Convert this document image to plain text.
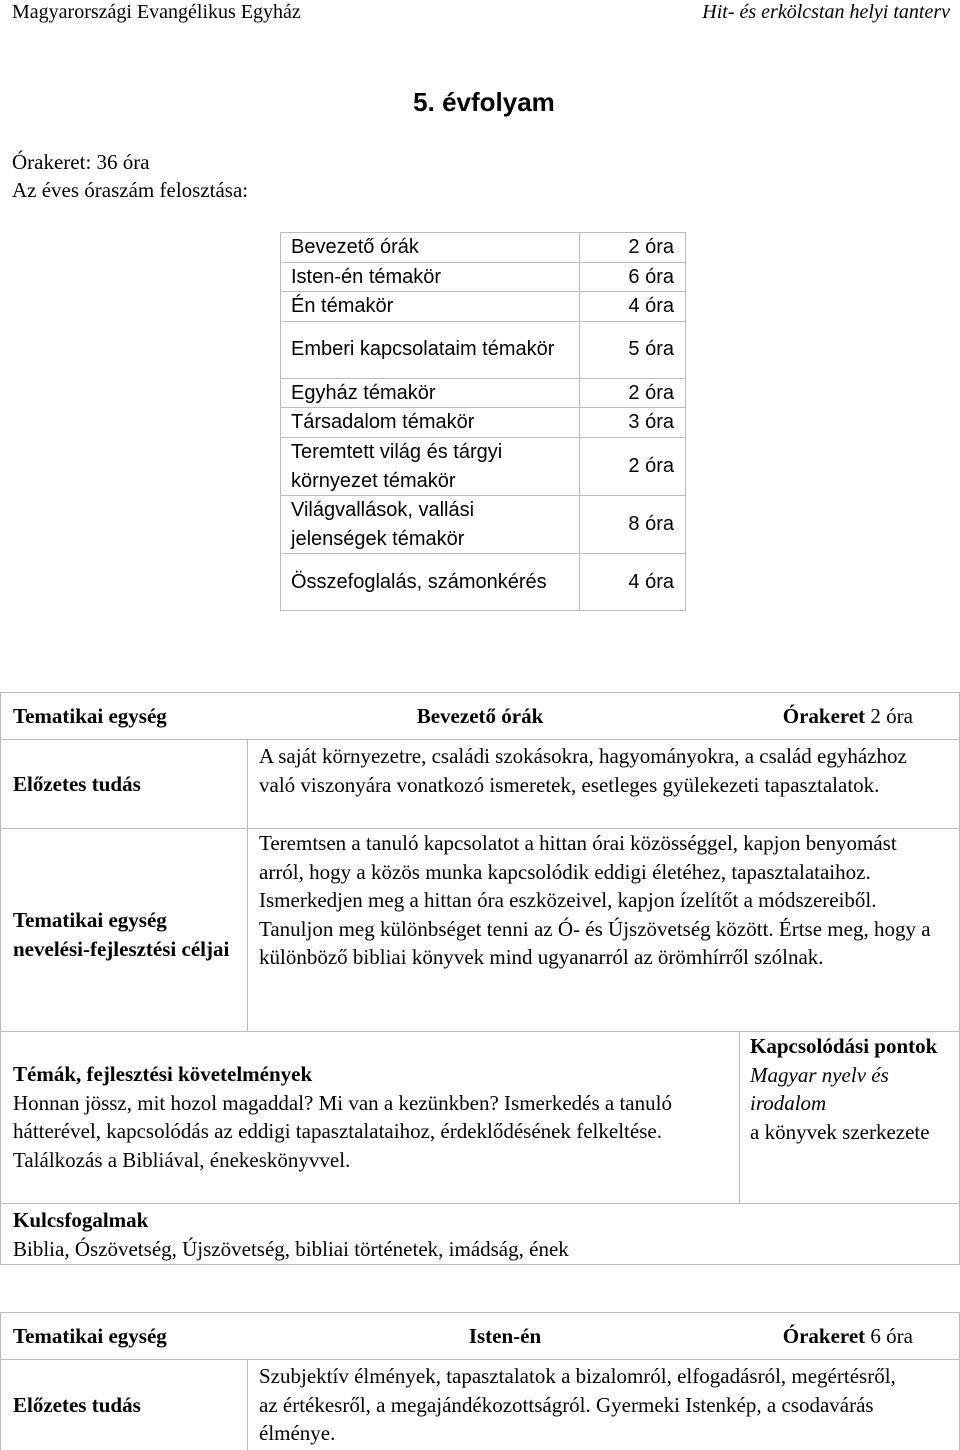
Magyarországi Evangélikus Egyház	Hit- és erkölcstan helyi tanterv
5. évfolyam
Órakeret: 36 óra
Az éves óraszám felosztása:
Bevezető órák	2 óra
Isten-én témakör	6 óra
Én témakör	4 óra
Emberi kapcsolataim témakör	5 óra
Egyház témakör	2 óra
Társadalom témakör	3 óra
Teremtett világ és tárgyi környezet témakör	2 óra
Világvallások, vallási jelenségek témakör	8 óra
Összefoglalás, számonkérés	4 óra
Bevezető órák
Tematikai egység	Órakeret 2 óra
Előzetes tudás
A saját környezetre, családi szokásokra, hagyományokra, a család egyházhoz való viszonyára vonatkozó ismeretek, esetleges gyülekezeti tapasztalatok.
Tematikai egység nevelési-fejlesztési céljai
Teremtsen a tanuló kapcsolatot a hittan órai közösséggel, kapjon benyomást arról, hogy a közös munka kapcsolódik eddigi életéhez, tapasztalataihoz. Ismerkedjen meg a hittan óra eszközeivel, kapjon ízelítőt a módszereiből.
Tanuljon meg különbséget tenni az Ó- és Újszövetség között. Értse meg, hogy a különböző bibliai könyvek mind ugyanarról az örömhírről szólnak.
Témák, fejlesztési követelmények
Honnan jössz, mit hozol magaddal? Mi van a kezünkben? Ismerkedés a tanuló hátterével, kapcsolódás az eddigi tapasztalataihoz, érdeklődésének felkeltése. Találkozás a Bibliával, énekeskönyvvel.
Kapcsolódási pontok
Magyar nyelv és irodalom
a könyvek szerkezete
Kulcsfogalmak
Biblia, Ószövetség, Újszövetség, bibliai történetek, imádság, ének
Isten-én
Tematikai egység	Órakeret 6 óra
Előzetes tudás
Szubjektív élmények, tapasztalatok a bizalomról, elfogadásról, megértésről, az értékesről, a megajándékozottságról. Gyermeki Istenkép, a csodavárás élménye.
